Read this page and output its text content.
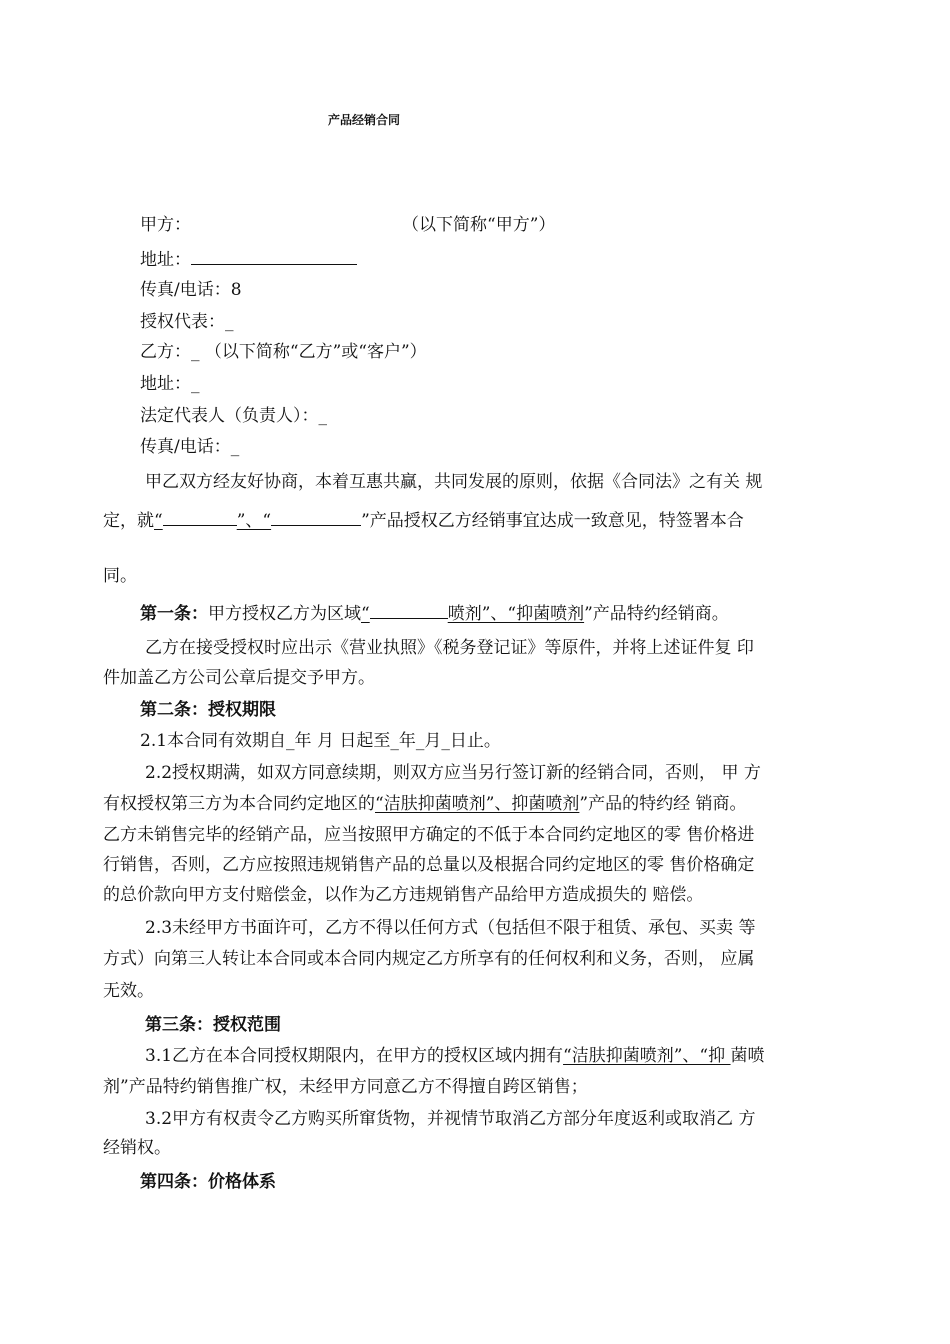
产品经销合同
甲方：	（以下简称“甲方”）
地址：
传真/电话：8
授权代表：_
乙方：_ （以下简称“乙方”或“客户”）
地址：_
法定代表人（负责人）：_
传真/电话：_
甲乙双方经友好协商，本着互惠共赢，共同发展的原则，依据《合同法》之有关 规
定，就“	”、“	”产品授权乙方经销事宜达成一致意见，特签署本合
同。
第一条：甲方授权乙方为区域“	喷剂”、“抑菌喷剂”产品特约经销商。
乙方在接受授权时应出示《营业执照》《税务登记证》等原件，并将上述证件复 印
件加盖乙方公司公章后提交予甲方。
第二条：授权期限
2.1本合同有效期自_年 月 日起至_年_月_日止。
2.2授权期满，如双方同意续期，则双方应当另行签订新的经销合同，否则， 甲 方
有权授权第三方为本合同约定地区的“洁肤抑菌喷剂”、抑菌喷剂”产品的特约经 销商。
乙方未销售完毕的经销产品，应当按照甲方确定的不低于本合同约定地区的零 售价格进
行销售，否则，乙方应按照违规销售产品的总量以及根据合同约定地区的零 售价格确定
的总价款向甲方支付赔偿金，以作为乙方违规销售产品给甲方造成损失的 赔偿。
2.3未经甲方书面许可，乙方不得以任何方式（包括但不限于租赁、承包、买卖 等
方式）向第三人转让本合同或本合同内规定乙方所享有的任何权利和义务，否则， 应属
无效。
第三条：授权范围
3.1乙方在本合同授权期限内，在甲方的授权区域内拥有“洁肤抑菌喷剂”、“抑 菌喷
剂”产品特约销售推广权，未经甲方同意乙方不得擅自跨区销售；
3.2甲方有权责令乙方购买所窜货物，并视情节取消乙方部分年度返利或取消乙 方
经销权。
第四条：价格体系
